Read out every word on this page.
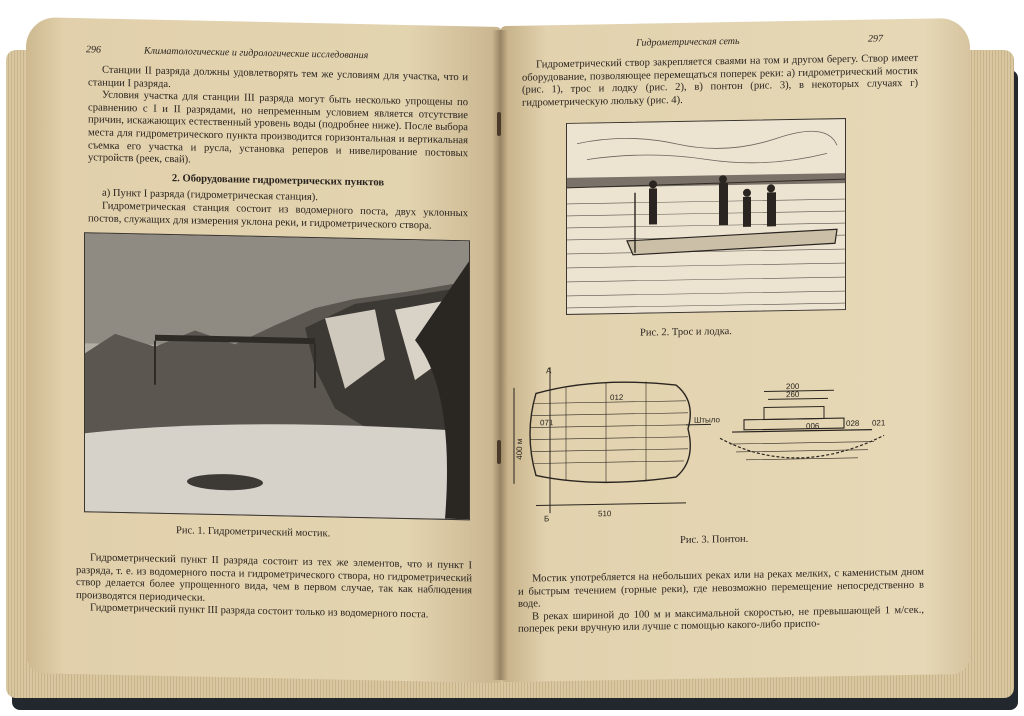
296	Климатологические и гидрологические исследования

Станции II разряда должны удовлетворять тем же условиям для участка, что и станции I разряда.

Условия участка для станции III разряда могут быть несколько упрощены по сравнению с I и II разрядами, но непременным условием является отсутствие причин, искажающих естественный уровень воды (подробнее ниже). После выбора места для гидрометрического пункта производится горизонтальная и вертикальная съемка его участка и русла, установка реперов и нивелирование постовых устройств (реек, свай).

2. Оборудование гидрометрических пунктов

а) Пункт I разряда (гидрометрическая станция).

Гидрометрическая станция состоит из водомерного поста, двух уклонных постов, служащих для измерения уклона реки, и гидрометрического створа.

Рис. 1. Гидрометрический мостик.

Гидрометрический пункт II разряда состоит из тех же элементов, что и пункт I разряда, т. е. из водомерного поста и гидрометрического створа, но гидрометрический створ делается более упрощенного вида, чем в первом случае, так как наблюдения производятся периодически.

Гидрометрический пункт III разряда состоит только из водомерного поста.

Гидрометрическая сеть	297

Гидрометрический створ закрепляется сваями на том и другом берегу. Створ имеет оборудование, позволяющее перемещаться поперек реки: а) гидрометрический мостик (рис. 1), трос и лодку (рис. 2), в) понтон (рис. 3), в некоторых случаях г) гидрометрическую люльку (рис. 4).

Рис. 2. Трос и лодка.
А
Б
012
071
400 м
510
Штыло
200
260
028 021
006
Рис. 3. Понтон.

Мостик употребляется на небольших реках или на реках мелких, с каменистым дном и быстрым течением (горные реки), где невозможно перемещение непосредственно в воде.

В реках шириной до 100 м и максимальной скоростью, не превышающей 1 м/сек., поперек реки вручную или лучше с помощью какого-либо приспо-
